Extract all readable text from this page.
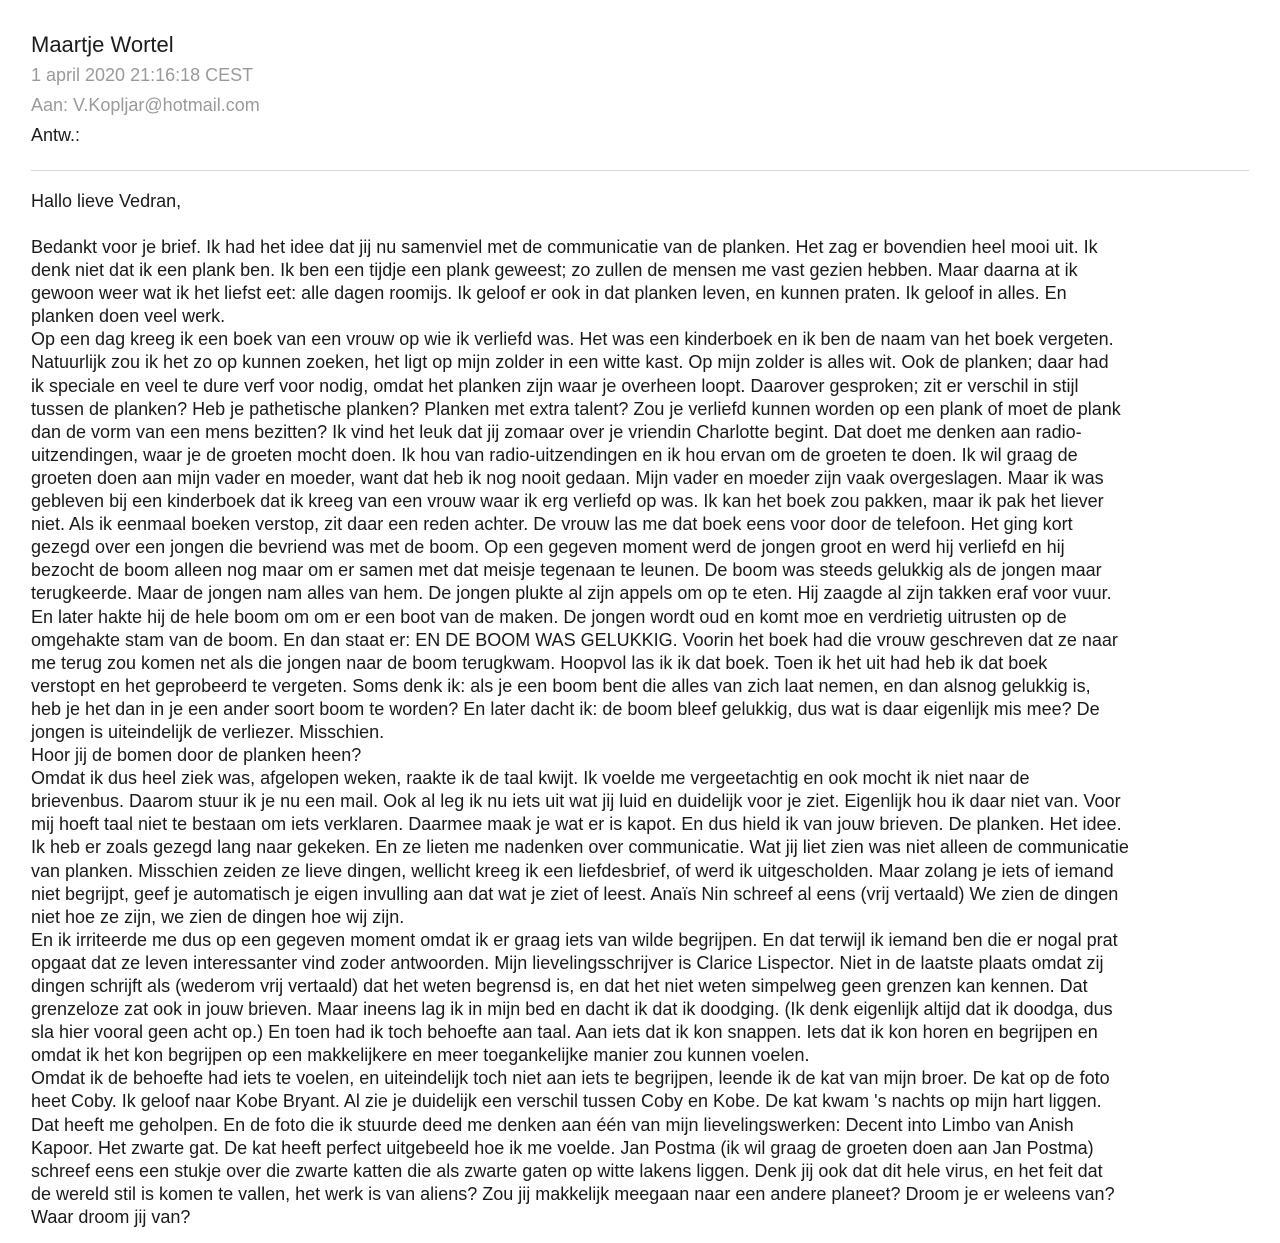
Maartje Wortel
1 april 2020 21:16:18 CEST
Aan: V.Kopljar@hotmail.com
Antw.:
Hallo lieve Vedran,
Bedankt voor je brief. Ik had het idee dat jij nu samenviel met de communicatie van de planken. Het zag er bovendien heel mooi uit. Ik
denk niet dat ik een plank ben. Ik ben een tijdje een plank geweest; zo zullen de mensen me vast gezien hebben. Maar daarna at ik
gewoon weer wat ik het liefst eet: alle dagen roomijs. Ik geloof er ook in dat planken leven, en kunnen praten. Ik geloof in alles. En
planken doen veel werk.
Op een dag kreeg ik een boek van een vrouw op wie ik verliefd was. Het was een kinderboek en ik ben de naam van het boek vergeten.
Natuurlijk zou ik het zo op kunnen zoeken, het ligt op mijn zolder in een witte kast. Op mijn zolder is alles wit. Ook de planken; daar had
ik speciale en veel te dure verf voor nodig, omdat het planken zijn waar je overheen loopt. Daarover gesproken; zit er verschil in stijl
tussen de planken? Heb je pathetische planken? Planken met extra talent? Zou je verliefd kunnen worden op een plank of moet de plank
dan de vorm van een mens bezitten? Ik vind het leuk dat jij zomaar over je vriendin Charlotte begint. Dat doet me denken aan radio-
uitzendingen, waar je de groeten mocht doen. Ik hou van radio-uitzendingen en ik hou ervan om de groeten te doen. Ik wil graag de
groeten doen aan mijn vader en moeder, want dat heb ik nog nooit gedaan. Mijn vader en moeder zijn vaak overgeslagen. Maar ik was
gebleven bij een kinderboek dat ik kreeg van een vrouw waar ik erg verliefd op was. Ik kan het boek zou pakken, maar ik pak het liever
niet. Als ik eenmaal boeken verstop, zit daar een reden achter. De vrouw las me dat boek eens voor door de telefoon. Het ging kort
gezegd over een jongen die bevriend was met de boom. Op een gegeven moment werd de jongen groot en werd hij verliefd en hij
bezocht de boom alleen nog maar om er samen met dat meisje tegenaan te leunen. De boom was steeds gelukkig als de jongen maar
terugkeerde. Maar de jongen nam alles van hem. De jongen plukte al zijn appels om op te eten. Hij zaagde al zijn takken eraf voor vuur.
En later hakte hij de hele boom om om er een boot van de maken. De jongen wordt oud en komt moe en verdrietig uitrusten op de
omgehakte stam van de boom. En dan staat er: EN DE BOOM WAS GELUKKIG. Voorin het boek had die vrouw geschreven dat ze naar
me terug zou komen net als die jongen naar de boom terugkwam. Hoopvol las ik ik dat boek. Toen ik het uit had heb ik dat boek
verstopt en het geprobeerd te vergeten. Soms denk ik: als je een boom bent die alles van zich laat nemen, en dan alsnog gelukkig is,
heb je het dan in je een ander soort boom te worden? En later dacht ik: de boom bleef gelukkig, dus wat is daar eigenlijk mis mee? De
jongen is uiteindelijk de verliezer. Misschien.
Hoor jij de bomen door de planken heen?
Omdat ik dus heel ziek was, afgelopen weken, raakte ik de taal kwijt. Ik voelde me vergeetachtig en ook mocht ik niet naar de
brievenbus. Daarom stuur ik je nu een mail. Ook al leg ik nu iets uit wat jij luid en duidelijk voor je ziet. Eigenlijk hou ik daar niet van. Voor
mij hoeft taal niet te bestaan om iets verklaren. Daarmee maak je wat er is kapot. En dus hield ik van jouw brieven. De planken. Het idee.
Ik heb er zoals gezegd lang naar gekeken. En ze lieten me nadenken over communicatie. Wat jij liet zien was niet alleen de communicatie
van planken. Misschien zeiden ze lieve dingen, wellicht kreeg ik een liefdesbrief, of werd ik uitgescholden. Maar zolang je iets of iemand
niet begrijpt, geef je automatisch je eigen invulling aan dat wat je ziet of leest. Anaïs Nin schreef al eens (vrij vertaald) We zien de dingen
niet hoe ze zijn, we zien de dingen hoe wij zijn.
En ik irriteerde me dus op een gegeven moment omdat ik er graag iets van wilde begrijpen. En dat terwijl ik iemand ben die er nogal prat
opgaat dat ze leven interessanter vind zoder antwoorden. Mijn lievelingsschrijver is Clarice Lispector. Niet in de laatste plaats omdat zij
dingen schrijft als (wederom vrij vertaald) dat het weten begrensd is, en dat het niet weten simpelweg geen grenzen kan kennen. Dat
grenzeloze zat ook in jouw brieven. Maar ineens lag ik in mijn bed en dacht ik dat ik doodging. (Ik denk eigenlijk altijd dat ik doodga, dus
sla hier vooral geen acht op.) En toen had ik toch behoefte aan taal. Aan iets dat ik kon snappen. Iets dat ik kon horen en begrijpen en
omdat ik het kon begrijpen op een makkelijkere en meer toegankelijke manier zou kunnen voelen.
Omdat ik de behoefte had iets te voelen, en uiteindelijk toch niet aan iets te begrijpen, leende ik de kat van mijn broer. De kat op de foto
heet Coby. Ik geloof naar Kobe Bryant. Al zie je duidelijk een verschil tussen Coby en Kobe. De kat kwam 's nachts op mijn hart liggen.
Dat heeft me geholpen. En de foto die ik stuurde deed me denken aan één van mijn lievelingswerken: Decent into Limbo van Anish
Kapoor. Het zwarte gat. De kat heeft perfect uitgebeeld hoe ik me voelde. Jan Postma (ik wil graag de groeten doen aan Jan Postma)
schreef eens een stukje over die zwarte katten die als zwarte gaten op witte lakens liggen. Denk jij ook dat dit hele virus, en het feit dat
de wereld stil is komen te vallen, het werk is van aliens? Zou jij makkelijk meegaan naar een andere planeet? Droom je er weleens van?
Waar droom jij van?
